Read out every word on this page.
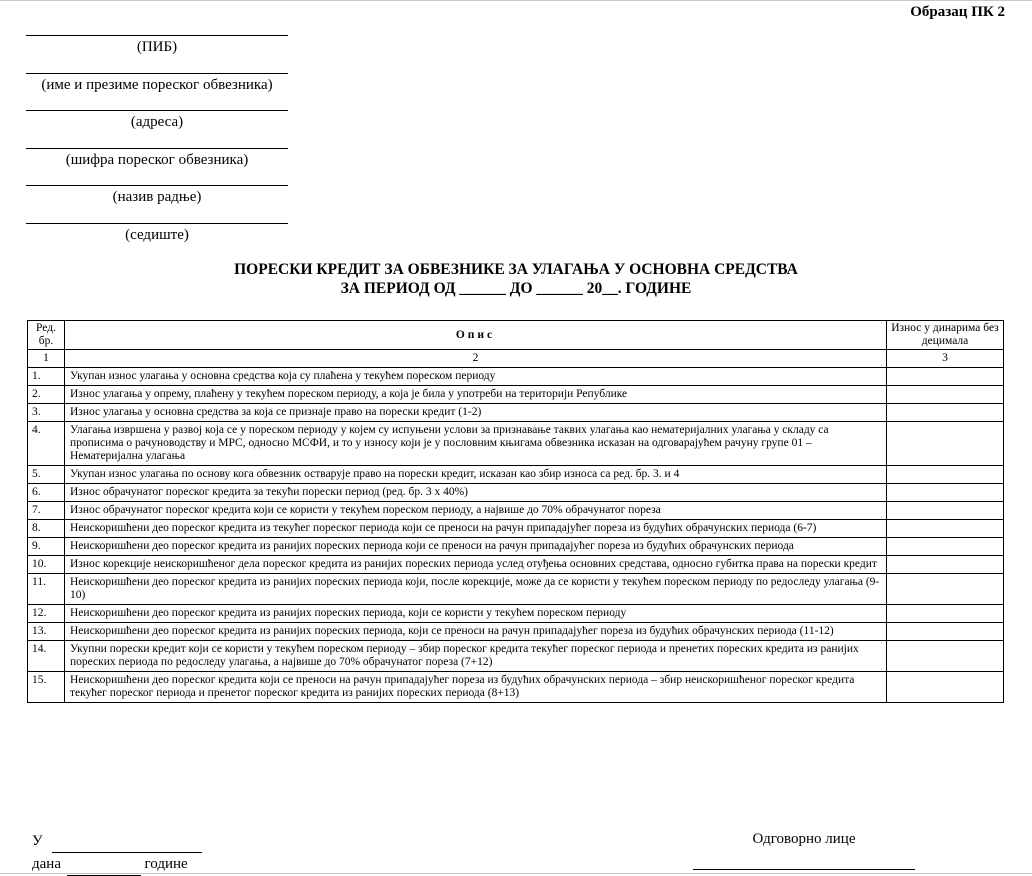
Образац ПК 2
(ПИБ)
(име и презиме пореског обвезника)
(адреса)
(шифра пореског обвезника)
(назив радње)
(седиште)
ПОРЕСКИ КРЕДИТ ЗА ОБВЕЗНИКЕ ЗА УЛАГАЊА У ОСНОВНА СРЕДСТВА
ЗА ПЕРИОД ОД ______ ДО ______ 20__. ГОДИНЕ
Ред. бр.	Опис	Износ у динарима без децимала
1	2	3
1.	Укупан износ улагања у основна средства која су плаћена у текућем пореском периоду	
2.	Износ улагања у опрему, плаћену у текућем пореском периоду, а која је била у употреби на територији Републике	
3.	Износ улагања у основна средства за која се признаје право на порески кредит (1-2)	
4.	Улагања извршена у развој која се у пореском периоду у којем су испуњени услови за признавање таквих улагања као нематеријалних улагања у складу са прописима о рачуноводству и МРС, односно МСФИ, и то у износу који је у пословним књигама обвезника исказан на одговарајућем рачуну групе 01 – Нематеријална улагања	
5.	Укупан износ улагања по основу кога обвезник остварује право на порески кредит, исказан као збир износа са ред. бр. 3. и 4	
6.	Износ обрачунатог пореског кредита за текући порески период (ред. бр. 3 x 40%)	
7.	Износ обрачунатог пореског кредита који се користи у текућем пореском периоду, а највише до 70% обрачунатог пореза	
8.	Неискоришћени део пореског кредита из текућег пореског периода који се преноси на рачун припадајућег пореза из будућих обрачунских периода (6-7)	
9.	Неискоришћени део пореског кредита из ранијих пореских периода који се преноси на рачун припадајућег пореза из будућих обрачунских периода	
10.	Износ корекције неискоришћеног дела пореског кредита из ранијих пореских периода услед отуђења основних средстава, односно губитка права на порески кредит	
11.	Неискоришћени део пореског кредита из ранијих пореских периода који, после корекције, може да се користи у текућем пореском периоду по редоследу улагања (9-10)	
12.	Неискоришћени део пореског кредита из ранијих пореских периода, који се користи у текућем пореском периоду	
13.	Неискоришћени део пореског кредита из ранијих пореских периода, који се преноси на рачун припадајућег пореза из будућих обрачунских периода (11-12)	
14.	Укупни порески кредит који се користи у текућем пореском периоду – збир пореског кредита текућег пореског периода и пренетих пореских кредита из ранијих пореских периода по редоследу улагања, а највише до 70% обрачунатог пореза (7+12)	
15.	Неискоришћени део пореског кредита који се преноси на рачун припадајућег пореза из будућих обрачунских периода – збир неискоришћеног пореског кредита текућег пореског периода и пренетог пореског кредита из ранијих пореских периода (8+13)	
У
дана	године
Одговорно лице
